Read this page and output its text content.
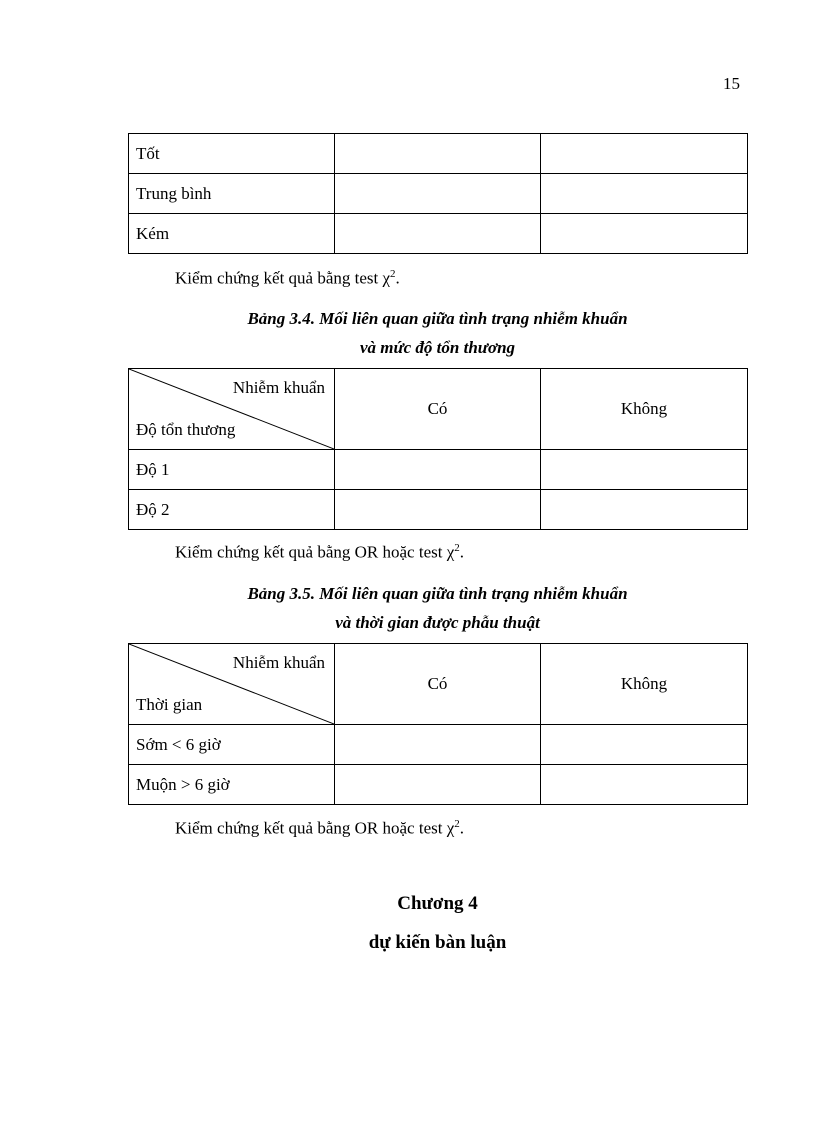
15
Tốt		
Trung bình		
Kém		
Kiểm chứng kết quả bằng test $\chi^2$.
Bảng 3.4. Mối liên quan giữa tình trạng nhiễm khuẩn
và mức độ tổn thương
Nhiễm khuẩn
Độ tổn thương	Có	Không
Độ 1		
Độ 2		
Kiểm chứng kết quả bằng OR hoặc test $\chi^2$.
Bảng 3.5. Mối liên quan giữa tình trạng nhiễm khuẩn
và thời gian được phẫu thuật
Nhiễm khuẩn
Thời gian	Có	Không
Sớm < 6 giờ		
Muộn > 6 giờ		
Kiểm chứng kết quả bằng OR hoặc test $\chi^2$.
Chương 4
dự kiến bàn luận
